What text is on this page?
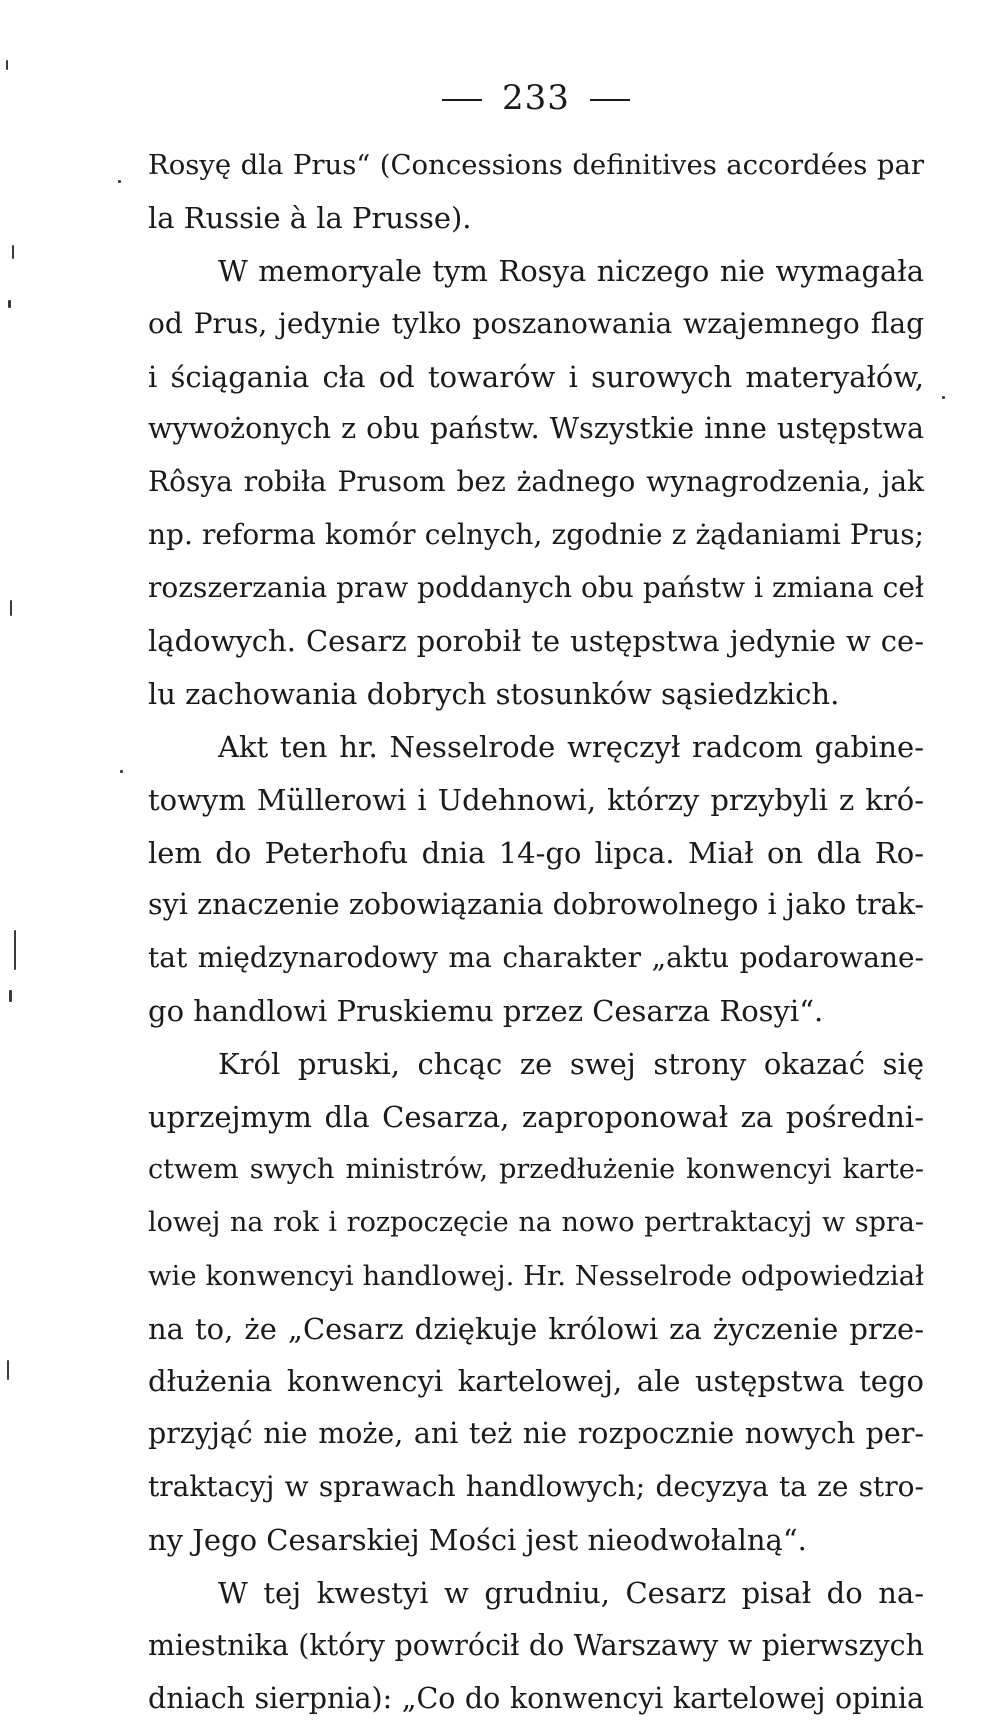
233
Rosyę dla Prus“ (Concessions definitives accordées par
la Russie à la Prusse).
W memoryale tym Rosya niczego nie wymagała
od Prus, jedynie tylko poszanowania wzajemnego flag
i ściągania cła od towarów i surowych materyałów,
wywożonych z obu państw. Wszystkie inne ustępstwa
Rôsya robiła Prusom bez żadnego wynagrodzenia, jak
np. reforma komór celnych, zgodnie z żądaniami Prus;
rozszerzania praw poddanych obu państw i zmiana ceł
lądowych. Cesarz porobił te ustępstwa jedynie w ce-
lu zachowania dobrych stosunków sąsiedzkich.
Akt ten hr. Nesselrode wręczył radcom gabine-
towym Müllerowi i Udehnowi, którzy przybyli z kró-
lem do Peterhofu dnia 14-go lipca. Miał on dla Ro-
syi znaczenie zobowiązania dobrowolnego i jako trak-
tat międzynarodowy ma charakter „aktu podarowane-
go handlowi Pruskiemu przez Cesarza Rosyi“.
Król pruski, chcąc ze swej strony okazać się
uprzejmym dla Cesarza, zaproponował za pośredni-
ctwem swych ministrów, przedłużenie konwencyi karte-
lowej na rok i rozpoczęcie na nowo pertraktacyj w spra-
wie konwencyi handlowej. Hr. Nesselrode odpowiedział
na to, że „Cesarz dziękuje królowi za życzenie prze-
dłużenia konwencyi kartelowej, ale ustępstwa tego
przyjąć nie może, ani też nie rozpocznie nowych per-
traktacyj w sprawach handlowych; decyzya ta ze stro-
ny Jego Cesarskiej Mości jest nieodwołalną“.
W tej kwestyi w grudniu, Cesarz pisał do na-
miestnika (który powrócił do Warszawy w pierwszych
dniach sierpnia): „Co do konwencyi kartelowej opinia
